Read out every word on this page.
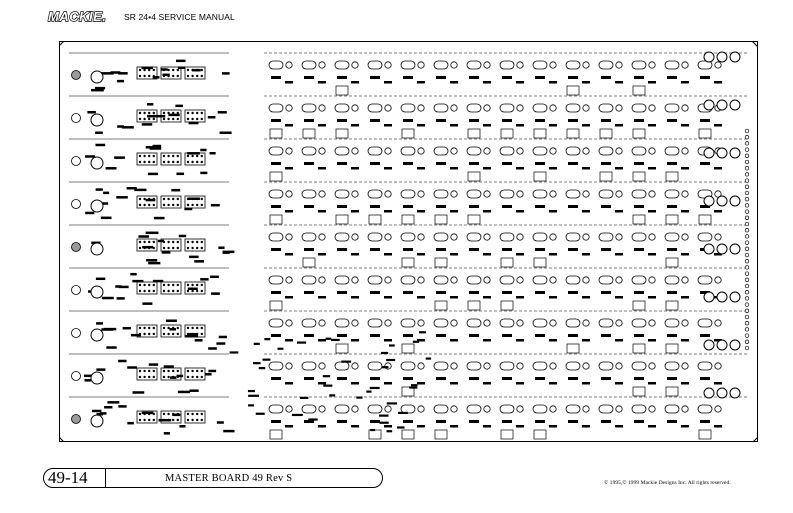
MACKIE. SR 24•4 SERVICE MANUAL
49-14	MASTER BOARD 49 Rev S	© 1995,© 1999 Mackie Designs Inc. All rights reserved.
